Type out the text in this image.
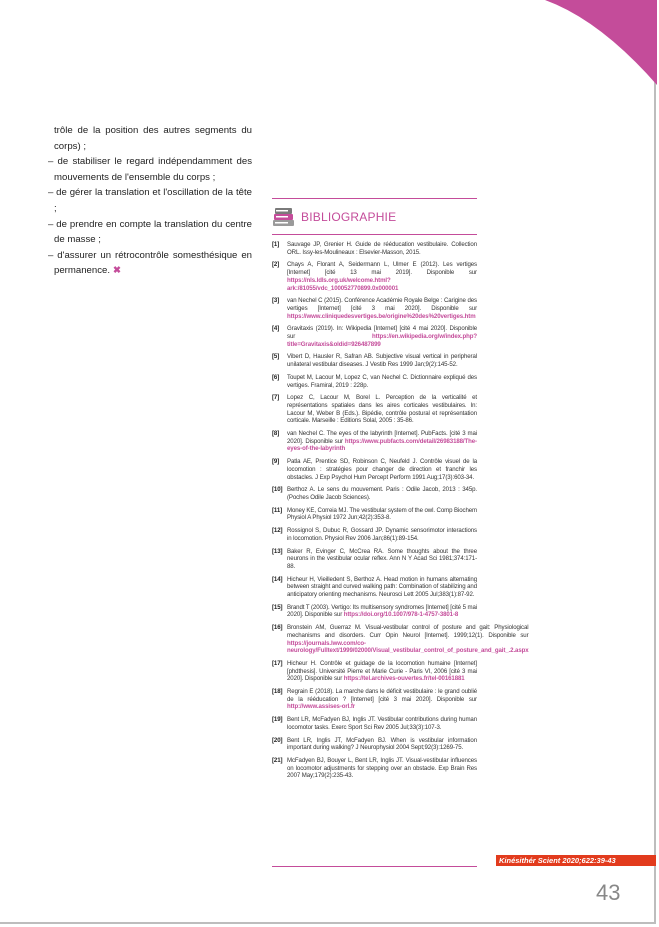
trôle de la position des autres segments du corps) ;
– de stabiliser le regard indépendamment des mouvements de l'ensemble du corps ;
– de gérer la translation et l'oscillation de la tête ;
– de prendre en compte la translation du centre de masse ;
– d'assurer un rétrocontrôle somesthésique en permanence. ✖
BIBLIOGRAPHIE
[1]	Sauvage JP, Grenier H. Guide de rééducation vestibulaire. Collection ORL. Issy-les-Moulineaux : Elsevier-Masson, 2015.
[2]	Chays A, Florant A, Seidermann L, Ulmer E (2012). Les vertiges [Internet] [cité 13 mai 2019]. Disponible sur https://nls.ldls.org.uk/welcome.html?ark:/81055/vdc_100052770899.0x000001
[3]	van Nechel C (2015). Conférence Académie Royale Belge : Carigine des vertiges [Internet] [cité 3 mai 2020]. Disponible sur https://www.cliniquedesvertiges.be/origine%20des%20vertiges.htm
[4]	Gravitaxis (2019). In: Wikipedia [Internet] [cité 4 mai 2020]. Disponible sur	https://en.wikipedia.org/w/index.php?title=Gravitaxis&oldid=926487899
[5]	Vibert D, Hausler R, Safran AB. Subjective visual vertical in peripheral unilateral vestibular diseases. J Vestib Res 1999 Jan;9(2):145-52.
[6]	Toupet M, Lacour M, Lopez C, van Nechel C. Dictionnaire expliqué des vertiges. Framiral, 2019 : 228p.
[7]	Lopez C, Lacour M, Borel L. Perception de la verticalité et représentations spatiales dans les aires corticales vestibulaires. In: Lacour M, Weber B (Eds.). Bipédie, contrôle postural et représentation corticale. Marseille : Editions Solal, 2005 : 35-86.
[8]	van Nechel C. The eyes of the labyrinth [Internet]. PubFacts. [cité 3 mai 2020]. Disponible sur https://www.pubfacts.com/detail/26983188/The-eyes-of-the-labyrinth
[9]	Patla AE, Prentice SD, Robinson C, Neufeld J. Contrôle visuel de la locomotion : stratégies pour changer de direction et franchir les obstacles. J Exp Psychol Hum Percept Perform 1991 Aug;17(3):603-34.
[10] Berthoz A. Le sens du mouvement. Paris : Odile Jacob, 2013 : 345p. (Poches Odile Jacob Sciences).
[11] Money KE, Correia MJ. The vestibular system of the owl. Comp Biochem Physiol A Physiol 1972 Jun;42(2):353-8.
[12] Rossignol S, Dubuc R, Gossard JP. Dynamic sensorimotor interactions in locomotion. Physiol Rev 2006 Jan;86(1):89-154.
[13] Baker R, Evinger C, McCrea RA. Some thoughts about the three neurons in the vestibular ocular reflex. Ann N Y Acad Sci 1981;374:171-88.
[14] Hicheur H, Vieilledent S, Berthoz A. Head motion in humans alternating between straight and curved walking path: Combination of stabilizing and anticipatory orienting mechanisms. Neurosci Lett 2005 Jul;383(1):87-92.
[15] Brandt T (2003). Vertigo: Its multisensory syndromes [Internet] [cité 5 mai 2020]. Disponible sur https://doi.org/10.1007/978-1-4757-3801-8
[16] Bronstein AM, Guerraz M. Visual-vestibular control of posture and gait: Physiological mechanisms and disorders. Curr Opin Neurol [Internet]. 1999;12(1). Disponible sur https://journals.lww.com/co-neurology/Fulltext/1999/02000/Visual_vestibular_control_of_posture_and_gait_.2.aspx
[17] Hicheur H. Contrôle et guidage de la locomotion humaine [Internet] [phdthesis]. Université Pierre et Marie Curie - Paris VI, 2006 [cité 3 mai 2020]. Disponible sur https://tel.archives-ouvertes.fr/tel-00161881
[18] Regrain E (2018). La marche dans le déficit vestibulaire : le grand oublié de la rééducation ? [Internet] [cité 3 mai 2020]. Disponible sur http://www.assises-orl.fr
[19] Bent LR, McFadyen BJ, Inglis JT. Vestibular contributions during human locomotor tasks. Exerc Sport Sci Rev 2005 Jul;33(3):107-3.
[20] Bent LR, Inglis JT, McFadyen BJ. When is vestibular information important during walking? J Neurophysiol 2004 Sept;92(3):1269-75.
[21] McFadyen BJ, Bouyer L, Bent LR, Inglis JT. Visual-vestibular influences on locomotor adjustments for stepping over an obstacle. Exp Brain Res 2007 May;179(2):235-43.
Kinésithér Scient 2020;622:39-43
43
